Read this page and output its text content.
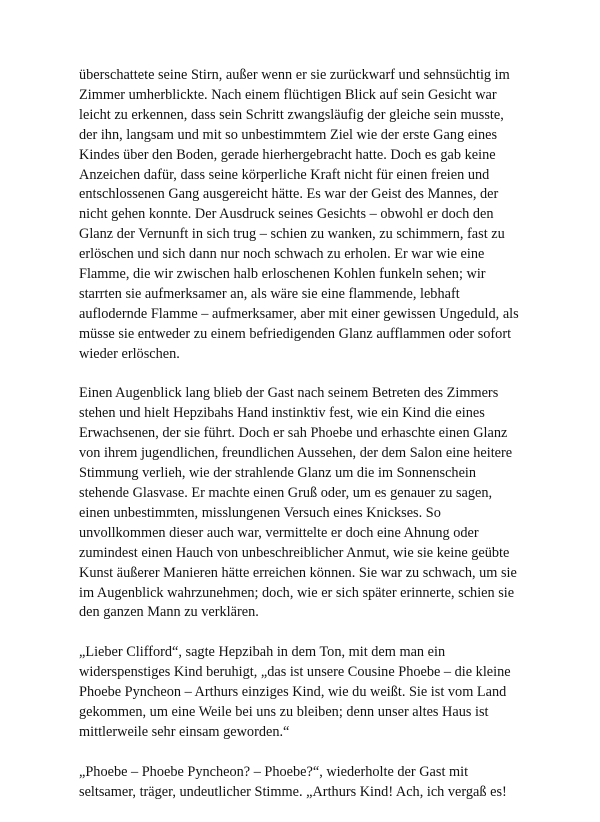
überschattete seine Stirn, außer wenn er sie zurückwarf und sehnsüchtig im Zimmer umherblickte. Nach einem flüchtigen Blick auf sein Gesicht war leicht zu erkennen, dass sein Schritt zwangsläufig der gleiche sein musste, der ihn, langsam und mit so unbestimmtem Ziel wie der erste Gang eines Kindes über den Boden, gerade hierhergebracht hatte. Doch es gab keine Anzeichen dafür, dass seine körperliche Kraft nicht für einen freien und entschlossenen Gang ausgereicht hätte. Es war der Geist des Mannes, der nicht gehen konnte. Der Ausdruck seines Gesichts – obwohl er doch den Glanz der Vernunft in sich trug – schien zu wanken, zu schimmern, fast zu erlöschen und sich dann nur noch schwach zu erholen. Er war wie eine Flamme, die wir zwischen halb erloschenen Kohlen funkeln sehen; wir starrten sie aufmerksamer an, als wäre sie eine flammende, lebhaft auflodernde Flamme – aufmerksamer, aber mit einer gewissen Ungeduld, als müsse sie entweder zu einem befriedigenden Glanz aufflammen oder sofort wieder erlöschen.

Einen Augenblick lang blieb der Gast nach seinem Betreten des Zimmers stehen und hielt Hepzibahs Hand instinktiv fest, wie ein Kind die eines Erwachsenen, der sie führt. Doch er sah Phoebe und erhaschte einen Glanz von ihrem jugendlichen, freundlichen Aussehen, der dem Salon eine heitere Stimmung verlieh, wie der strahlende Glanz um die im Sonnenschein stehende Glasvase. Er machte einen Gruß oder, um es genauer zu sagen, einen unbestimmten, misslungenen Versuch eines Knickses. So unvollkommen dieser auch war, vermittelte er doch eine Ahnung oder zumindest einen Hauch von unbeschreiblicher Anmut, wie sie keine geübte Kunst äußerer Manieren hätte erreichen können. Sie war zu schwach, um sie im Augenblick wahrzunehmen; doch, wie er sich später erinnerte, schien sie den ganzen Mann zu verklären.

„Lieber Clifford“, sagte Hepzibah in dem Ton, mit dem man ein widerspenstiges Kind beruhigt, „das ist unsere Cousine Phoebe – die kleine Phoebe Pyncheon – Arthurs einziges Kind, wie du weißt. Sie ist vom Land gekommen, um eine Weile bei uns zu bleiben; denn unser altes Haus ist mittlerweile sehr einsam geworden.“

„Phoebe – Phoebe Pyncheon? – Phoebe?“, wiederholte der Gast mit seltsamer, träger, undeutlicher Stimme. „Arthurs Kind! Ach, ich vergaß es!
